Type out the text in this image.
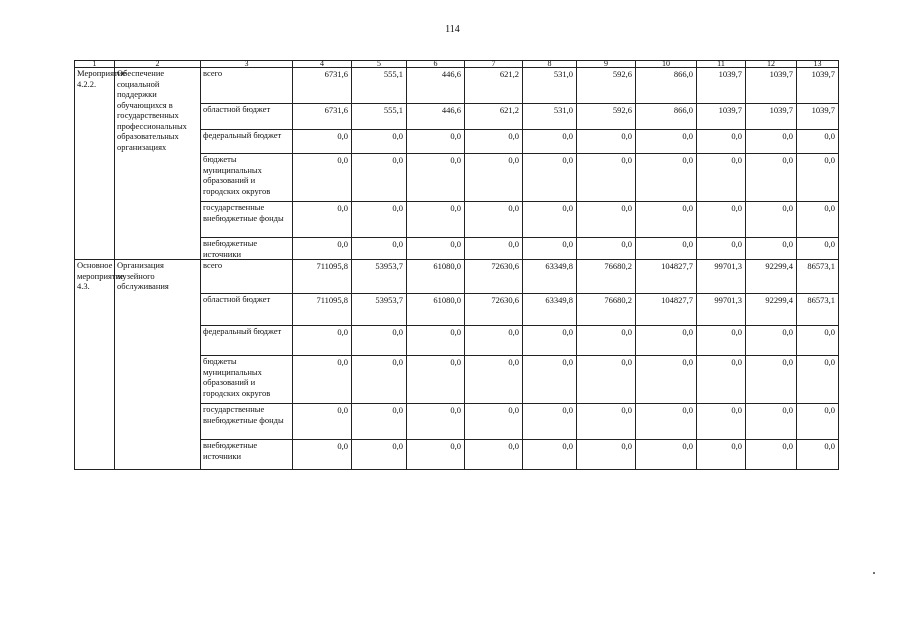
114
1	2	3	4	5	6	7	8	9	10	11	12	13
Мероприятие 4.2.2.	Обеспечение социальной поддержки обучающихся в государственных профессиональных образовательных организациях	всего	6731,6	555,1	446,6	621,2	531,0	592,6	866,0	1039,7	1039,7	1039,7
		областной бюджет	6731,6	555,1	446,6	621,2	531,0	592,6	866,0	1039,7	1039,7	1039,7
		федеральный бюджет	0,0	0,0	0,0	0,0	0,0	0,0	0,0	0,0	0,0	0,0
		бюджеты муниципальных образований и городских округов	0,0	0,0	0,0	0,0	0,0	0,0	0,0	0,0	0,0	0,0
		государственные внебюджетные фонды	0,0	0,0	0,0	0,0	0,0	0,0	0,0	0,0	0,0	0,0
		внебюджетные источники	0,0	0,0	0,0	0,0	0,0	0,0	0,0	0,0	0,0	0,0
Основное мероприятие 4.3.	Организация музейного обслуживания	всего	711095,8	53953,7	61080,0	72630,6	63349,8	76680,2	104827,7	99701,3	92299,4	86573,1
		областной бюджет	711095,8	53953,7	61080,0	72630,6	63349,8	76680,2	104827,7	99701,3	92299,4	86573,1
		федеральный бюджет	0,0	0,0	0,0	0,0	0,0	0,0	0,0	0,0	0,0	0,0
		бюджеты муниципальных образований и городских округов	0,0	0,0	0,0	0,0	0,0	0,0	0,0	0,0	0,0	0,0
		государственные внебюджетные фонды	0,0	0,0	0,0	0,0	0,0	0,0	0,0	0,0	0,0	0,0
		внебюджетные источники	0,0	0,0	0,0	0,0	0,0	0,0	0,0	0,0	0,0	0,0
